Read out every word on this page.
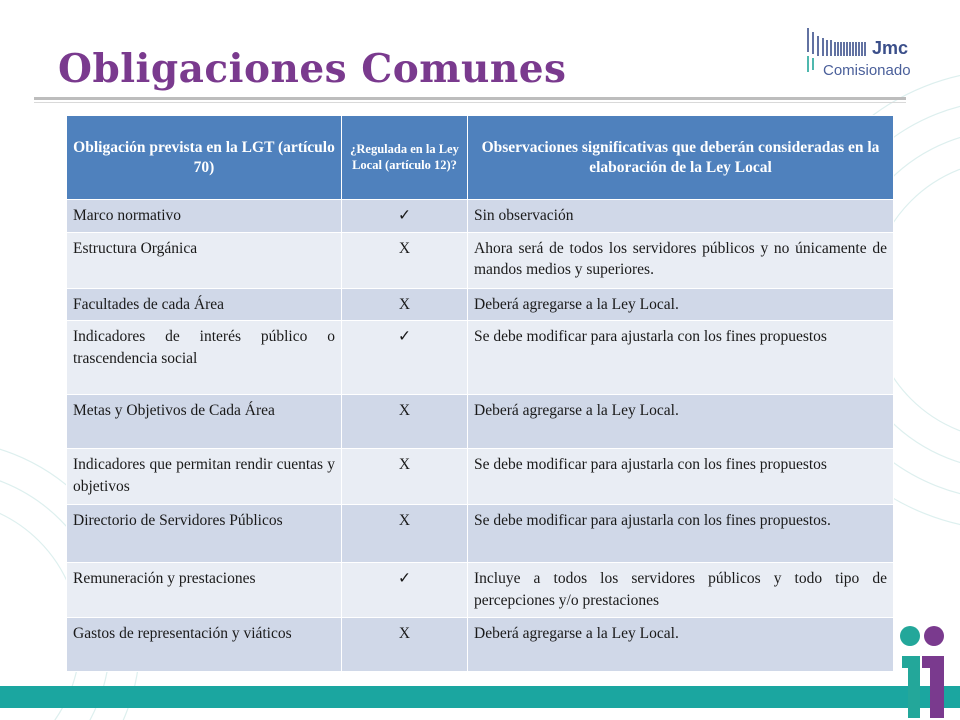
Obligaciones Comunes	Jmc
Comisionado
Obligación prevista en la LGT (artículo 70)	¿Regulada en la Ley Local (artículo 12)?	Observaciones significativas que deberán consideradas en la elaboración de la Ley Local
Marco normativo	✓	Sin observación
Estructura Orgánica	X	Ahora será de todos los servidores públicos y no únicamente de mandos medios y superiores.
Facultades de cada Área	X	Deberá agregarse a la Ley Local.
Indicadores de interés público o trascendencia social	✓	Se debe modificar para ajustarla con los fines propuestos
Metas y Objetivos de Cada Área	X	Deberá agregarse a la Ley Local.
Indicadores que permitan rendir cuentas y objetivos	X	Se debe modificar para ajustarla con los fines propuestos
Directorio de Servidores Públicos	X	Se debe modificar para ajustarla con los fines propuestos.
Remuneración y prestaciones	✓	Incluye a todos los servidores públicos y todo tipo de percepciones y/o prestaciones
Gastos de representación y viáticos	X	Deberá agregarse a la Ley Local.
